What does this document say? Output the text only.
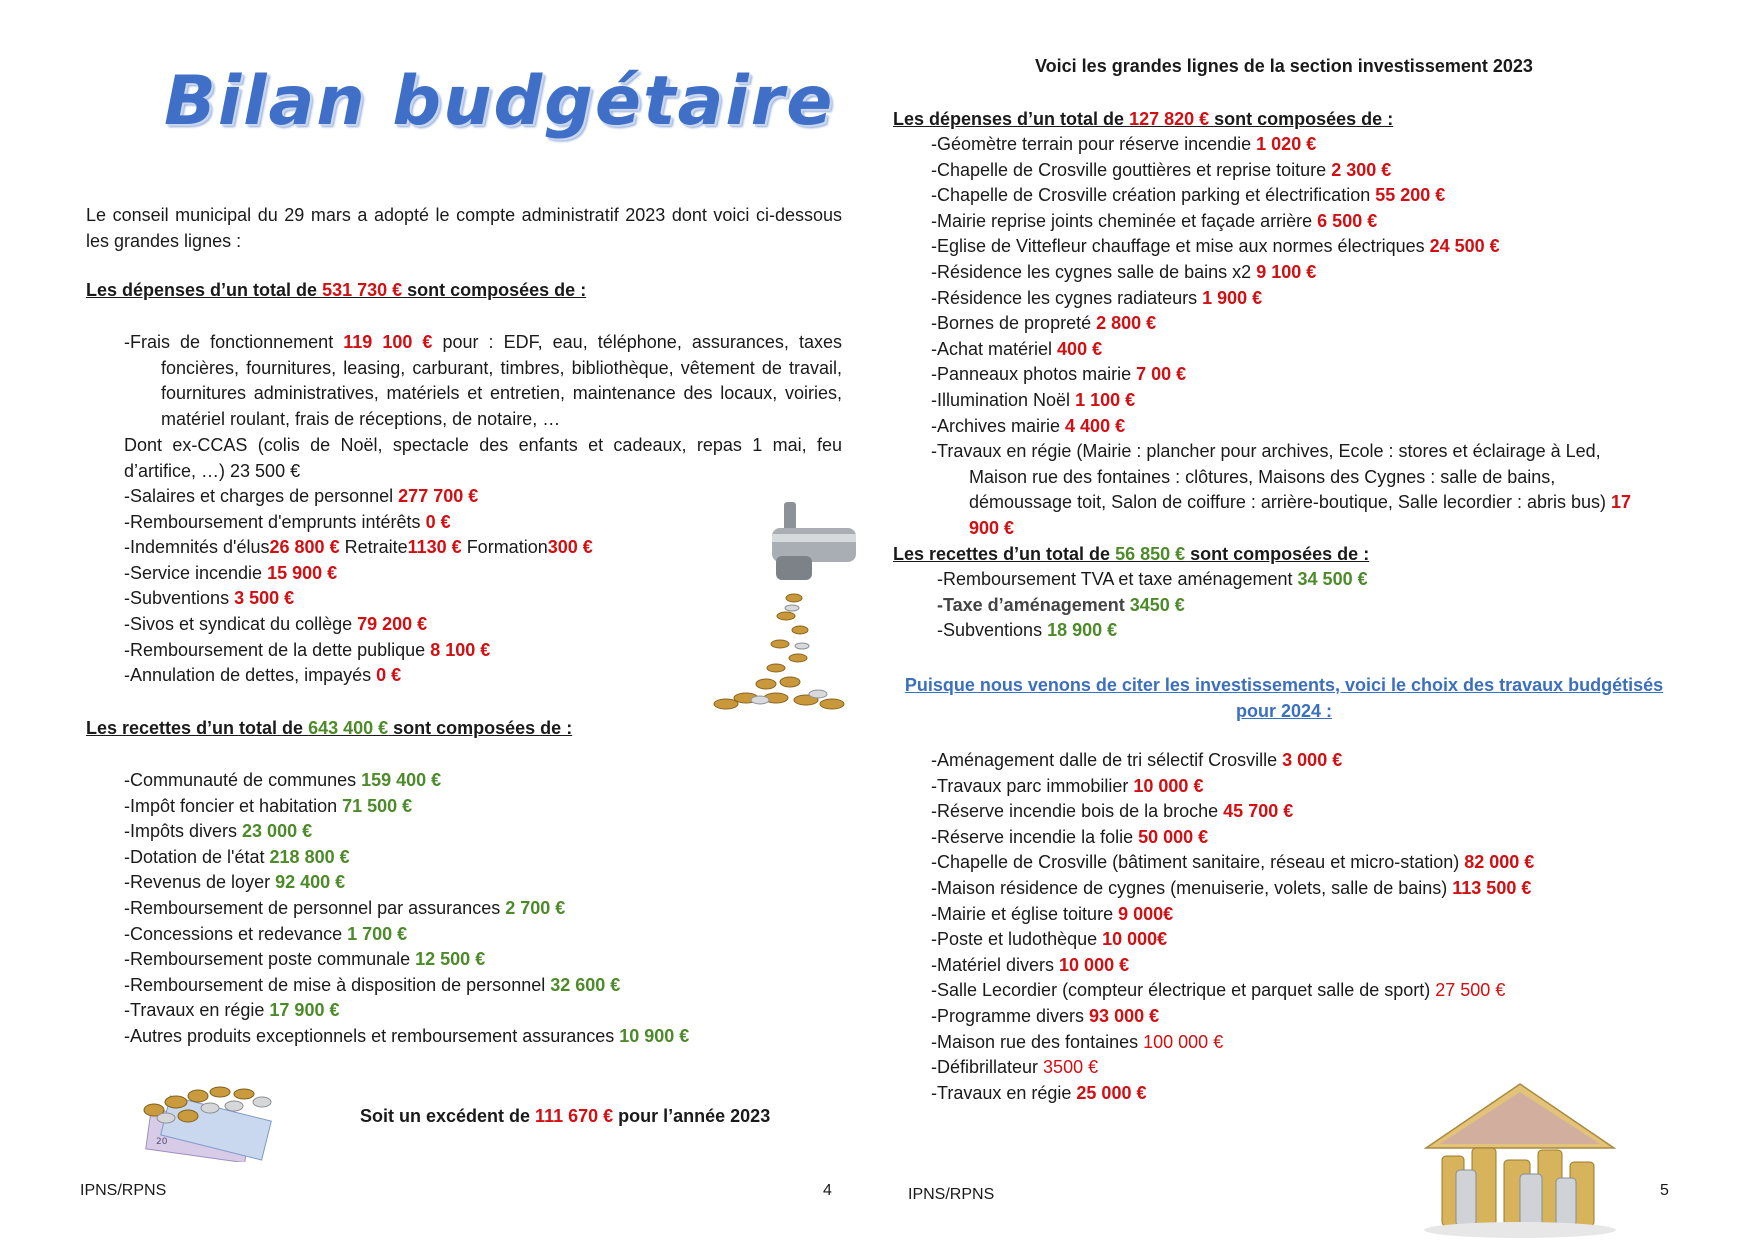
Bilan budgétaire
Le conseil municipal du 29 mars a adopté le compte administratif 2023 dont voici ci-dessous les grandes lignes :
Les dépenses d’un total de 531 730 € sont composées de :
-Frais de fonctionnement 119 100 € pour : EDF, eau, téléphone, assurances, taxes foncières, fournitures, leasing, carburant, timbres, bibliothèque, vêtement de travail, fournitures administratives, matériels et entretien, maintenance des locaux, voiries, matériel roulant, frais de réceptions, de notaire, …
Dont ex-CCAS (colis de Noël, spectacle des enfants et cadeaux, repas 1 mai, feu d’artifice, …) 23 500 €
-Salaires et charges de personnel 277 700 €
-Remboursement d'emprunts intérêts 0 €
-Indemnités d'élus26 800 € Retraite1130 € Formation300 €
-Service incendie 15 900 €
-Subventions 3 500 €
-Sivos et syndicat du collège 79 200 €
-Remboursement de la dette publique 8 100 €
-Annulation de dettes, impayés 0 €
Les recettes d’un total de 643 400 € sont composées de :
-Communauté de communes 159 400 €
-Impôt foncier et habitation 71 500 €
-Impôts divers 23 000 €
-Dotation de l'état 218 800 €
-Revenus de loyer 92 400 €
-Remboursement de personnel par assurances 2 700 €
-Concessions et redevance 1 700 €
-Remboursement poste communale 12 500 €
-Remboursement de mise à disposition de personnel 32 600 €
-Travaux en régie 17 900 €
-Autres produits exceptionnels et remboursement assurances 10 900 €
20
Soit un excédent de 111 670 € pour l’année 2023
IPNS/RPNS	4
Voici les grandes lignes de la section investissement 2023
Les dépenses d’un total de 127 820 € sont composées de :
-Géomètre terrain pour réserve incendie 1 020 €
-Chapelle de Crosville gouttières et reprise toiture 2 300 €
-Chapelle de Crosville création parking et électrification 55 200 €
-Mairie reprise joints cheminée et façade arrière 6 500 €
-Eglise de Vittefleur chauffage et mise aux normes électriques 24 500 €
-Résidence les cygnes salle de bains x2 9 100 €
-Résidence les cygnes radiateurs 1 900 €
-Bornes de propreté 2 800 €
-Achat matériel 400 €
-Panneaux photos mairie 7 00 €
-Illumination Noël 1 100 €
-Archives mairie 4 400 €
-Travaux en régie (Mairie : plancher pour archives, Ecole : stores et éclairage à Led, Maison rue des fontaines : clôtures, Maisons des Cygnes : salle de bains, démoussage toit, Salon de coiffure : arrière-boutique, Salle lecordier : abris bus) 17 900 €
Les recettes d’un total de 56 850 € sont composées de :
-Remboursement TVA et taxe aménagement 34 500 €
-Taxe d’aménagement 3450 €
-Subventions 18 900 €
Puisque nous venons de citer les investissements, voici le choix des travaux budgétisés pour 2024 :
-Aménagement dalle de tri sélectif Crosville 3 000 €
-Travaux parc immobilier 10 000 €
-Réserve incendie bois de la broche 45 700 €
-Réserve incendie la folie 50 000 €
-Chapelle de Crosville (bâtiment sanitaire, réseau et micro-station) 82 000 €
-Maison résidence de cygnes (menuiserie, volets, salle de bains) 113 500 €
-Mairie et église toiture 9 000€
-Poste et ludothèque 10 000€
-Matériel divers 10 000 €
-Salle Lecordier (compteur électrique et parquet salle de sport) 27 500 €
-Programme divers 93 000 €
-Maison rue des fontaines 100 000 €
-Défibrillateur 3500 €
-Travaux en régie 25 000 €
IPNS/RPNS	5
